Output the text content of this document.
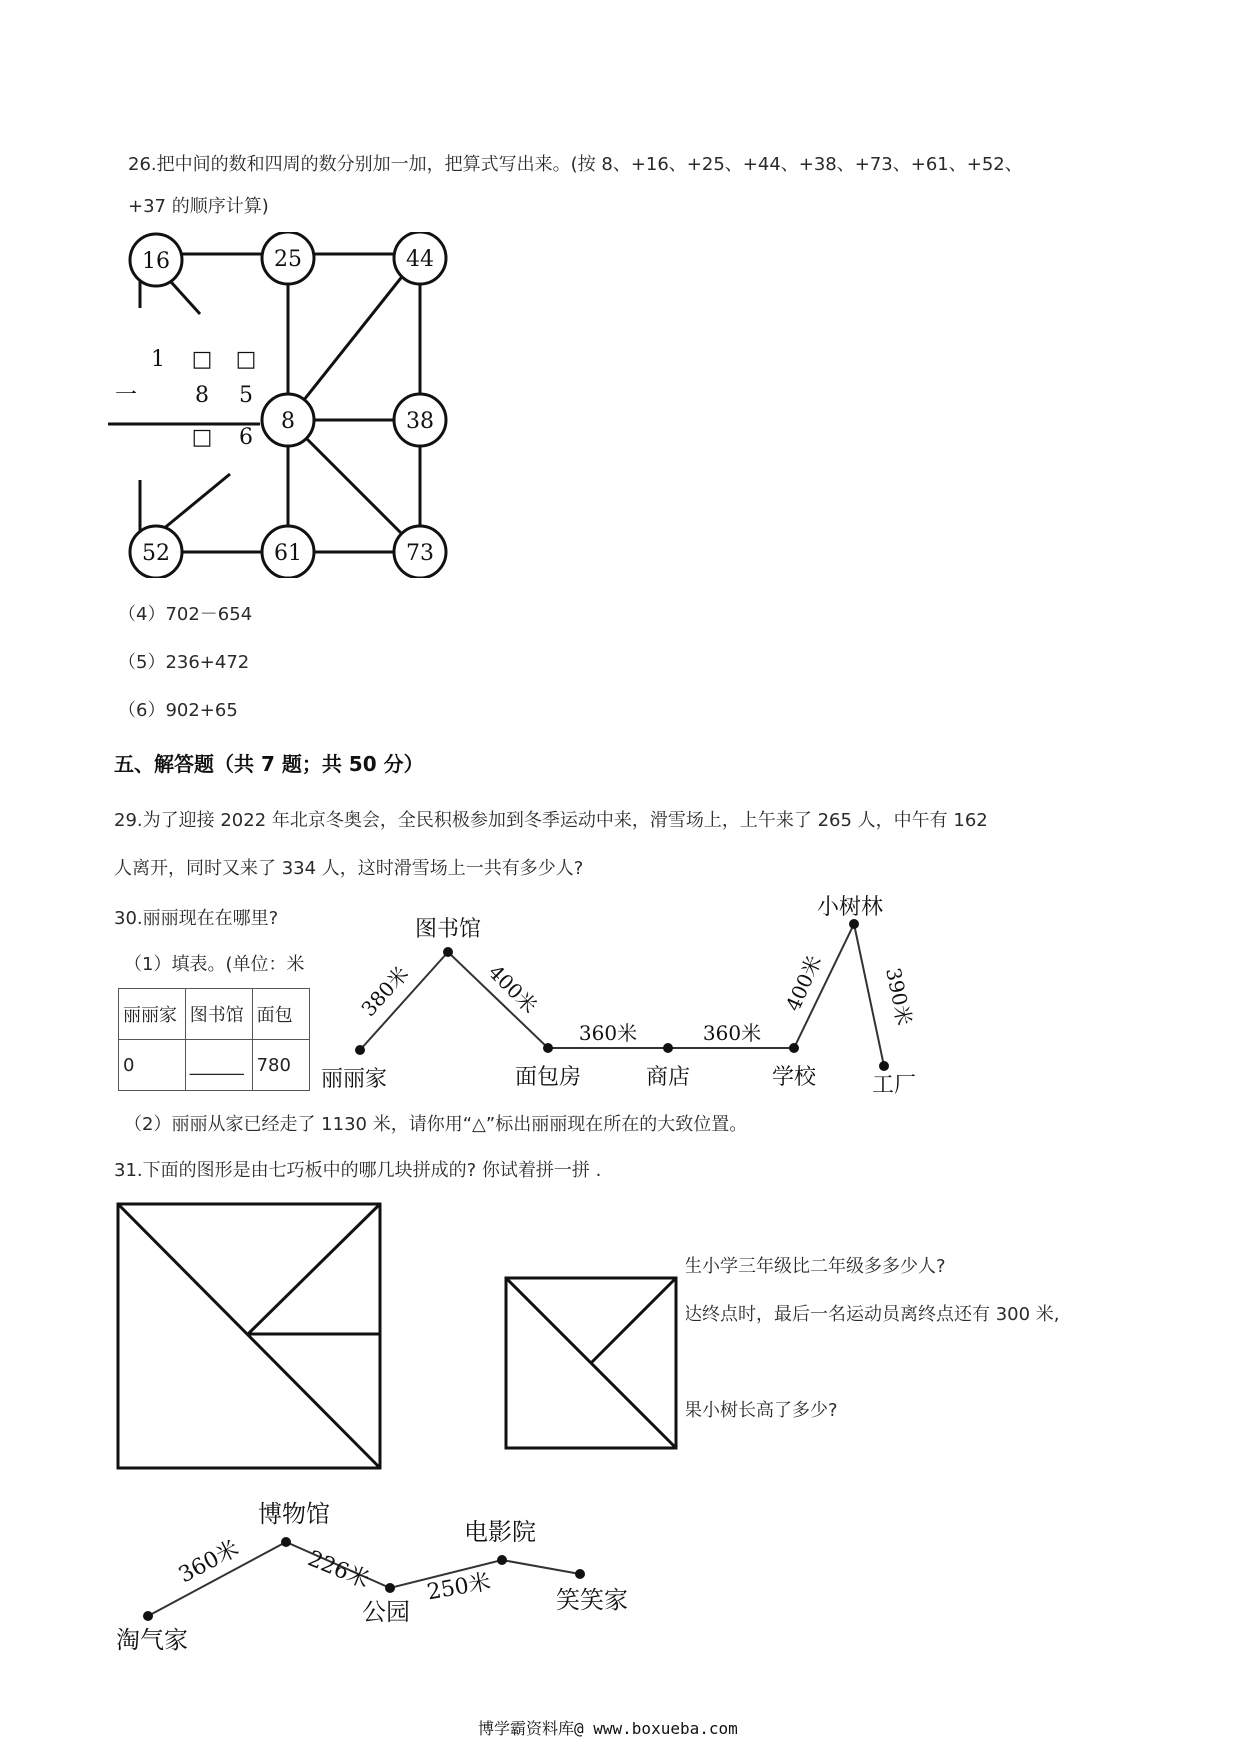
26.把中间的数和四周的数分别加一加，把算式写出来。(按 8、+16、+25、+44、+38、+73、+61、+52、
+37 的顺序计算)
16	25	44
38
73
61
52
8
1 □ □
一	8 5
□ 6
（4）702－654
（5）236+472
（6）902+65
五、解答题（共 7 题；共 50 分）
29.为了迎接 2022 年北京冬奥会，全民积极参加到冬季运动中来，滑雪场上，上午来了 265 人，中午有 162
人离开，同时又来了 334 人，这时滑雪场上一共有多少人?
30.丽丽现在在哪里?
（1）填表。(单位：米
丽丽家	图书馆	面包
0	______	780
丽丽家
图书馆
面包房	商店	学校
小树林
工厂
380米	400米
360米	360米
400米	390米
（2）丽丽从家已经走了 1130 米，请你用“△”标出丽丽现在所在的大致位置。
31.下面的图形是由七巧板中的哪几块拼成的? 你试着拼一拼 .
生小学三年级比二年级多多少人?
达终点时，最后一名运动员离终点还有 300 米,
果小树长高了多少?
淘气家
博物馆
公园
电影院
笑笑家
360米	226米 250米
博学霸资料库@ www.boxueba.com
